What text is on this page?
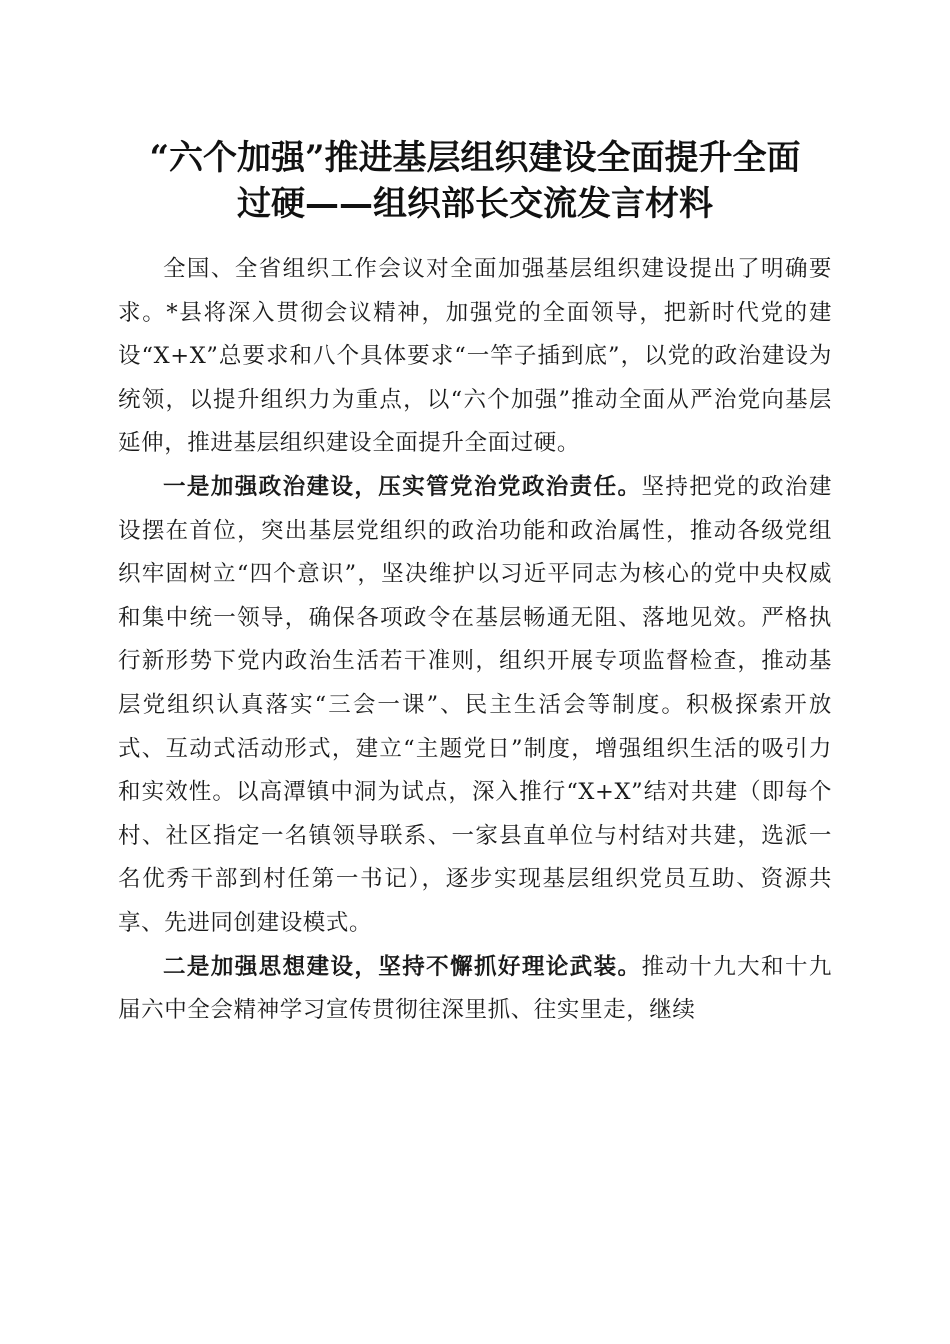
“六个加强”推进基层组织建设全面提升全面
过硬——组织部长交流发言材料

全国、全省组织工作会议对全面加强基层组织建设提出了明确要求。*县将深入贯彻会议精神，加强党的全面领导，把新时代党的建设“X+X”总要求和八个具体要求“一竿子插到底”，以党的政治建设为统领，以提升组织力为重点，以“六个加强”推动全面从严治党向基层延伸，推进基层组织建设全面提升全面过硬。

一是加强政治建设，压实管党治党政治责任。坚持把党的政治建设摆在首位，突出基层党组织的政治功能和政治属性，推动各级党组织牢固树立“四个意识”，坚决维护以习近平同志为核心的党中央权威和集中统一领导，确保各项政令在基层畅通无阻、落地见效。严格执行新形势下党内政治生活若干准则，组织开展专项监督检查，推动基层党组织认真落实“三会一课”、民主生活会等制度。积极探索开放式、互动式活动形式，建立“主题党日”制度，增强组织生活的吸引力和实效性。以高潭镇中洞为试点，深入推行“X+X”结对共建（即每个村、社区指定一名镇领导联系、一家县直单位与村结对共建，选派一名优秀干部到村任第一书记），逐步实现基层组织党员互助、资源共享、先进同创建设模式。

二是加强思想建设，坚持不懈抓好理论武装。推动十九大和十九届六中全会精神学习宣传贯彻往深里抓、往实里走，继续
